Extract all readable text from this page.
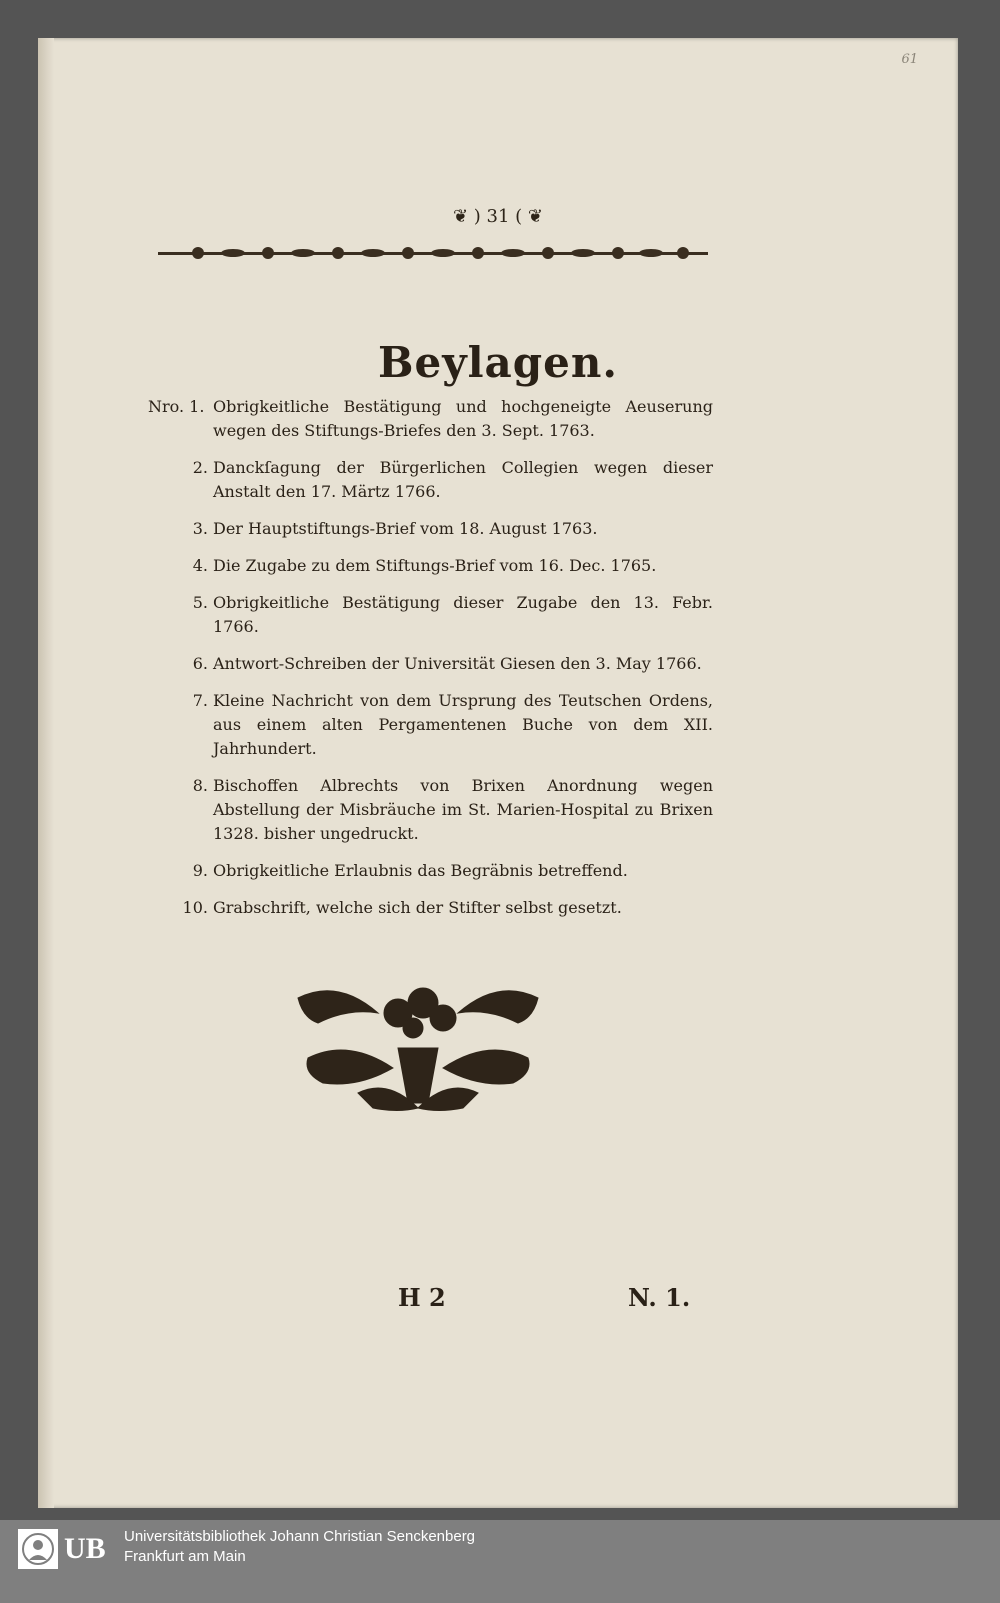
61
❦ ) 31 ( ❦
Beylagen.
Nro. 1. Obrigkeitliche Bestätigung und hochgeneigte Aeuserung wegen des Stiftungs-Briefes den 3. Sept. 1763.
2. Danckſagung der Bürgerlichen Collegien wegen dieser Anstalt den 17. Märtz 1766.
3. Der Hauptstiftungs-Brief vom 18. August 1763.
4. Die Zugabe zu dem Stiftungs-Brief vom 16. Dec. 1765.
5. Obrigkeitliche Bestätigung dieser Zugabe den 13. Febr. 1766.
6. Antwort-Schreiben der Universität Giesen den 3. May 1766.
7. Kleine Nachricht von dem Ursprung des Teutschen Ordens, aus einem alten Pergamentenen Buche von dem XII. Jahrhundert.
8. Bischoffen Albrechts von Brixen Anordnung wegen Abstellung der Misbräuche im St. Marien-Hospital zu Brixen 1328. bisher ungedruckt.
9. Obrigkeitliche Erlaubnis das Begräbnis betreffend.
10. Grabschrift, welche sich der Stifter selbst gesetzt.
H 2	N. 1.
UB Universitätsbibliothek Johann Christian Senckenberg
Frankfurt am Main
